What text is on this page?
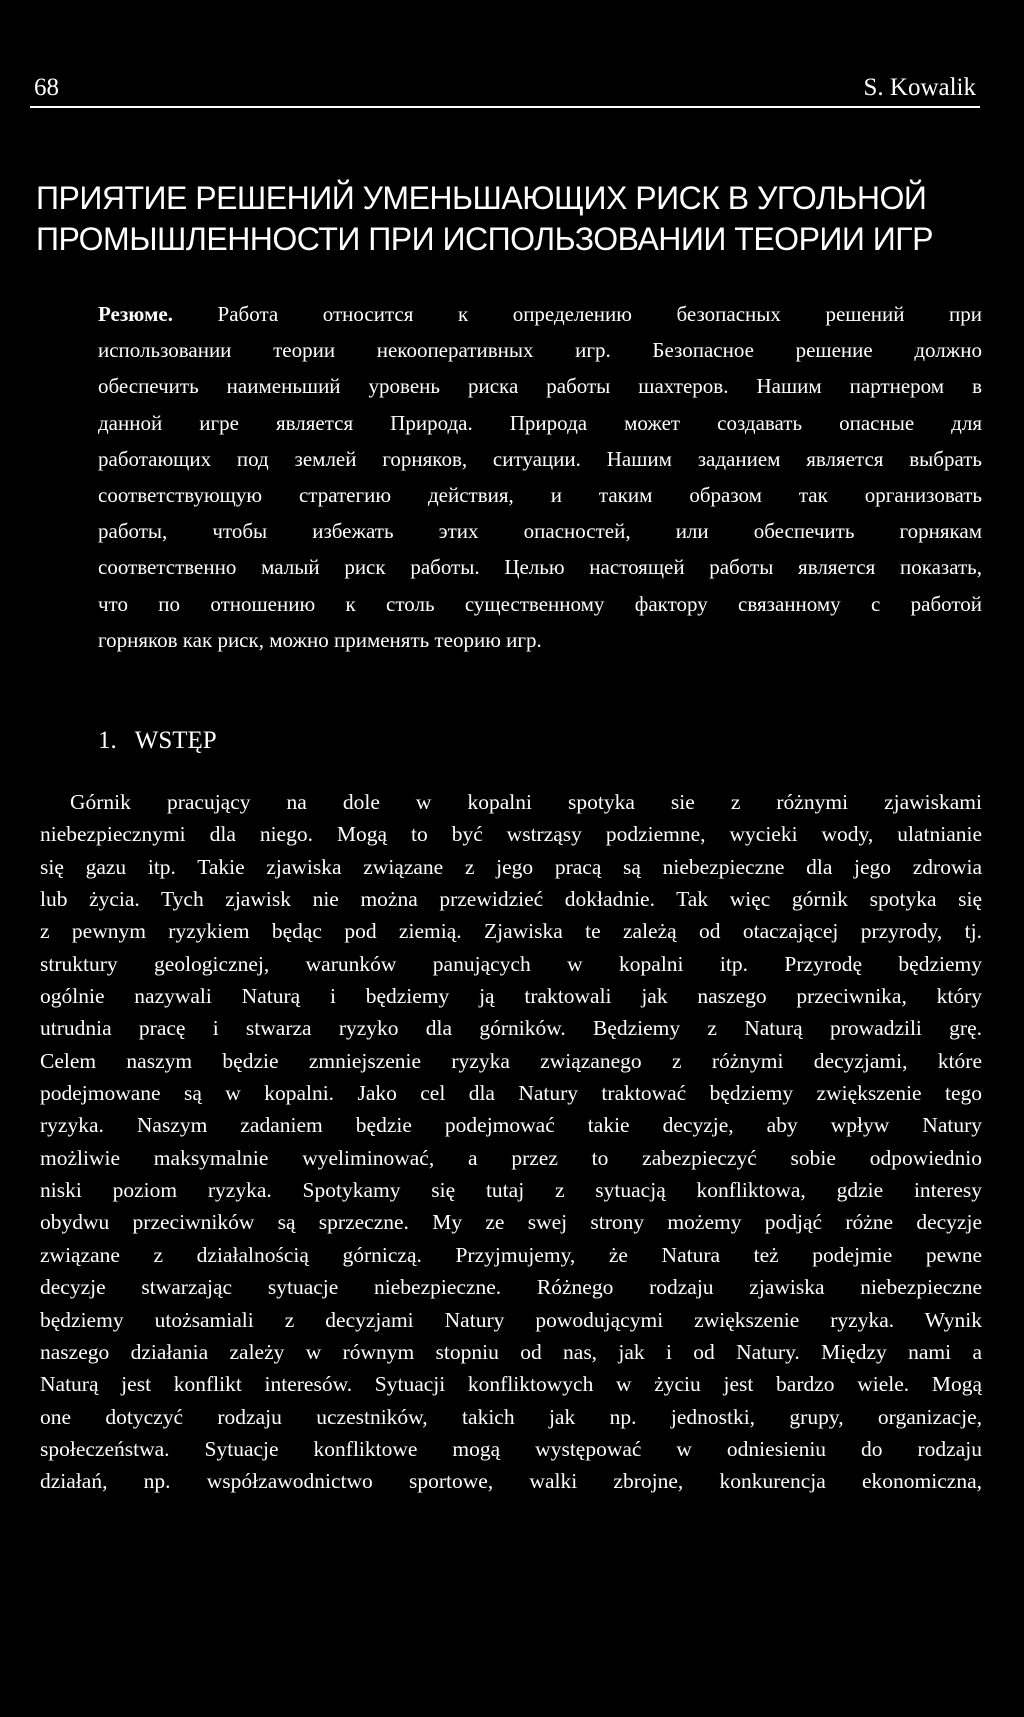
68	S. Kowalik
ПРИЯТИЕ РЕШЕНИЙ УМЕНЬШАЮЩИХ РИСК В УГОЛЬНОЙ
ПРОМЫШЛЕННОСТИ ПРИ ИСПОЛЬЗОВАНИИ ТЕОРИИ ИГР
Резюме. Работа относится к определению безопасных решений при
использовании теории некооперативных игр. Безопасное решение должно
обеспечить наименьший уровень риска работы шахтеров. Нашим партнером в
данной игре является Природа. Природа может создавать опасные для
работающих под землей горняков, ситуации. Нашим заданием является выбрать
соответствующую стратегию действия, и таким образом так организовать
работы, чтобы избежать этих опасностей, или обеспечить горнякам
соответственно малый риск работы. Целью настоящей работы является показать,
что по отношению к столь существенному фактору связанному с работой
горняков как риск, можно применять теорию игр.
1. WSTĘP
Górnik pracujący na dole w kopalni spotyka sie z różnymi zjawiskami
niebezpiecznymi dla niego. Mogą to być wstrząsy podziemne, wycieki wody, ulatnianie
się gazu itp. Takie zjawiska związane z jego pracą są niebezpieczne dla jego zdrowia
lub życia. Tych zjawisk nie można przewidzieć dokładnie. Tak więc górnik spotyka się
z pewnym ryzykiem będąc pod ziemią. Zjawiska te zależą od otaczającej przyrody, tj.
struktury geologicznej, warunków panujących w kopalni itp. Przyrodę będziemy
ogólnie nazywali Naturą i będziemy ją traktowali jak naszego przeciwnika, który
utrudnia pracę i stwarza ryzyko dla górników. Będziemy z Naturą prowadzili grę.
Celem naszym będzie zmniejszenie ryzyka związanego z różnymi decyzjami, które
podejmowane są w kopalni. Jako cel dla Natury traktować będziemy zwiększenie tego
ryzyka. Naszym zadaniem będzie podejmować takie decyzje, aby wpływ Natury
możliwie maksymalnie wyeliminować, a przez to zabezpieczyć sobie odpowiednio
niski poziom ryzyka. Spotykamy się tutaj z sytuacją konfliktowa, gdzie interesy
obydwu przeciwników są sprzeczne. My ze swej strony możemy podjąć różne decyzje
związane z działalnością górniczą. Przyjmujemy, że Natura też podejmie pewne
decyzje stwarzając sytuacje niebezpieczne. Różnego rodzaju zjawiska niebezpieczne
będziemy utożsamiali z decyzjami Natury powodującymi zwiększenie ryzyka. Wynik
naszego działania zależy w równym stopniu od nas, jak i od Natury. Między nami a
Naturą jest konflikt interesów. Sytuacji konfliktowych w życiu jest bardzo wiele. Mogą
one dotyczyć rodzaju uczestników, takich jak np. jednostki, grupy, organizacje,
społeczeństwa. Sytuacje konfliktowe mogą występować w odniesieniu do rodzaju
działań, np. współzawodnictwo sportowe, walki zbrojne, konkurencja ekonomiczna,
